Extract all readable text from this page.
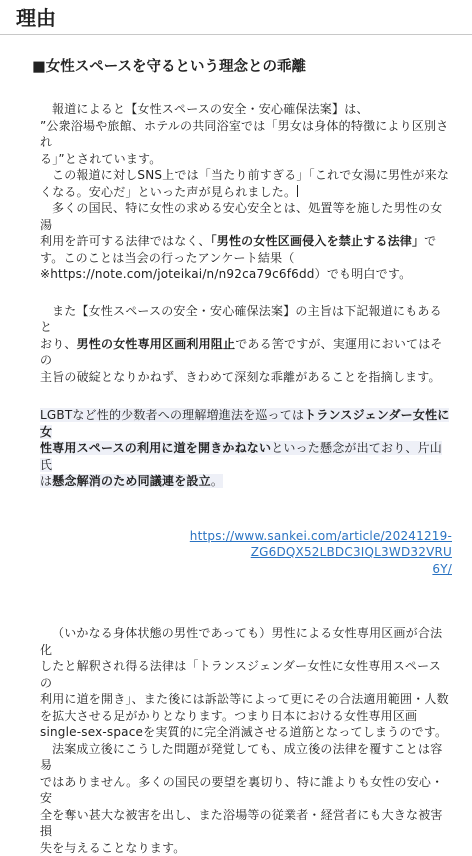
理由
■女性スペースを守るという理念との乖離

報道によると【女性スペースの安全・安心確保法案】は、

”公衆浴場や旅館、ホテルの共同浴室では「男女は身体的特徴により区別され

る」”とされています。

この報道に対しSNS上では「当たり前すぎる」「これで女湯に男性が来な

くなる。安心だ」といった声が見られました。

多くの国民、特に女性の求める安心安全とは、処置等を施した男性の女湯

利用を許可する法律ではなく、「男性の女性区画侵入を禁止する法律」で

す。このことは当会の行ったアンケート結果（

※https://note.com/joteikai/n/n92ca79c6f6dd）でも明白です。

また【女性スペースの安全・安心確保法案】の主旨は下記報道にもあると

おり、男性の女性専用区画利用阻止である筈ですが、実運用においてはその

主旨の破綻となりかねず、きわめて深刻な乖離があることを指摘します。

LGBTなど性的少数者への理解増進法を巡ってはトランスジェンダー女性に女

性専用スペースの利用に道を開きかねないといった懸念が出ており、片山氏

は懸念解消のため同議連を設立。

https://www.sankei.com/article/20241219-ZG6DQX52LBDC3IQL3WD32VRU

6Y/

（いかなる身体状態の男性であっても）男性による女性専用区画が合法化

したと解釈され得る法律は「トランスジェンダー女性に女性専用スペースの

利用に道を開き」、また後には訴訟等によって更にその合法適用範囲・人数

を拡大させる足がかりとなります。つまり日本における女性専用区画

single-sex-spaceを実質的に完全消滅させる道筋となってしまうのです。

法案成立後にこうした問題が発覚しても、成立後の法律を覆すことは容易

ではありません。多くの国民の要望を裏切り、特に誰よりも女性の安心・安

全を奪い甚大な被害を出し、また浴場等の従業者・経営者にも大きな被害損

失を与えることなります。
